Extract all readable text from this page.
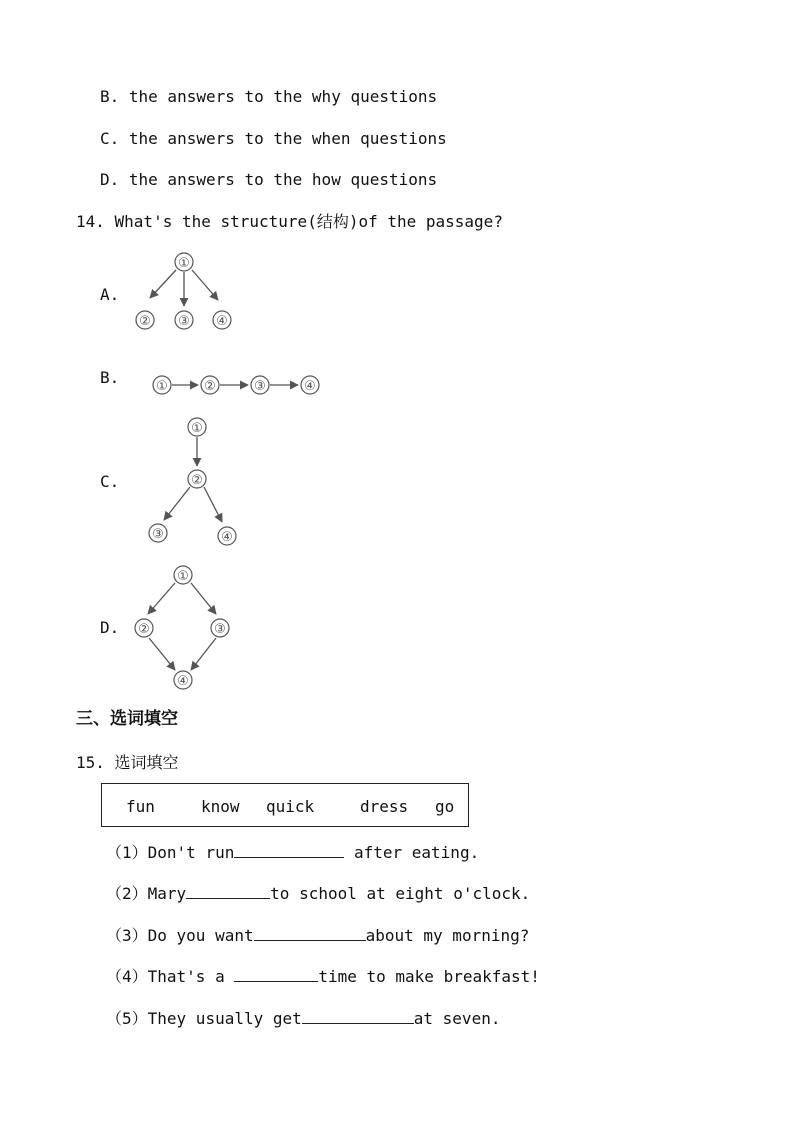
B. the answers to the why questions
C. the answers to the when questions
D. the answers to the how questions
14. What's the structure(结构)of the passage?
A.
①
② ③ ④
B.	①	②	③	④
C.
①
②
③	④
D.
①
②	③
④
三、选词填空
15. 选词填空
fun	know quick	dress go
（1）Don't run	after eating.
（2）Mary	to school at eight o'clock.
（3）Do you want	about my morning?
（4）That's a	time to make breakfast!
（5）They usually get	at seven.
